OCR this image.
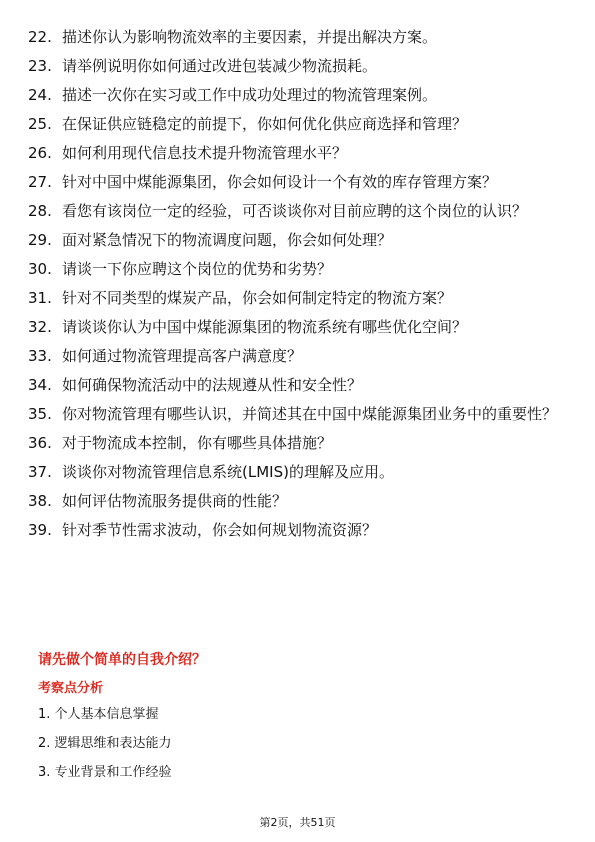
22. 描述你认为影响物流效率的主要因素，并提出解决方案。
23. 请举例说明你如何通过改进包装减少物流损耗。
24. 描述一次你在实习或工作中成功处理过的物流管理案例。
25. 在保证供应链稳定的前提下，你如何优化供应商选择和管理？
26. 如何利用现代信息技术提升物流管理水平？
27. 针对中国中煤能源集团，你会如何设计一个有效的库存管理方案？
28. 看您有该岗位一定的经验，可否谈谈你对目前应聘的这个岗位的认识？
29. 面对紧急情况下的物流调度问题，你会如何处理？
30. 请谈一下你应聘这个岗位的优势和劣势？
31. 针对不同类型的煤炭产品，你会如何制定特定的物流方案？
32. 请谈谈你认为中国中煤能源集团的物流系统有哪些优化空间？
33. 如何通过物流管理提高客户满意度？
34. 如何确保物流活动中的法规遵从性和安全性？
35. 你对物流管理有哪些认识，并简述其在中国中煤能源集团业务中的重要性？
36. 对于物流成本控制，你有哪些具体措施？
37. 谈谈你对物流管理信息系统(LMIS)的理解及应用。
38. 如何评估物流服务提供商的性能？
39. 针对季节性需求波动，你会如何规划物流资源？
请先做个简单的自我介绍？
考察点分析
1. 个人基本信息掌握
2. 逻辑思维和表达能力
3. 专业背景和工作经验
第2页，共51页
